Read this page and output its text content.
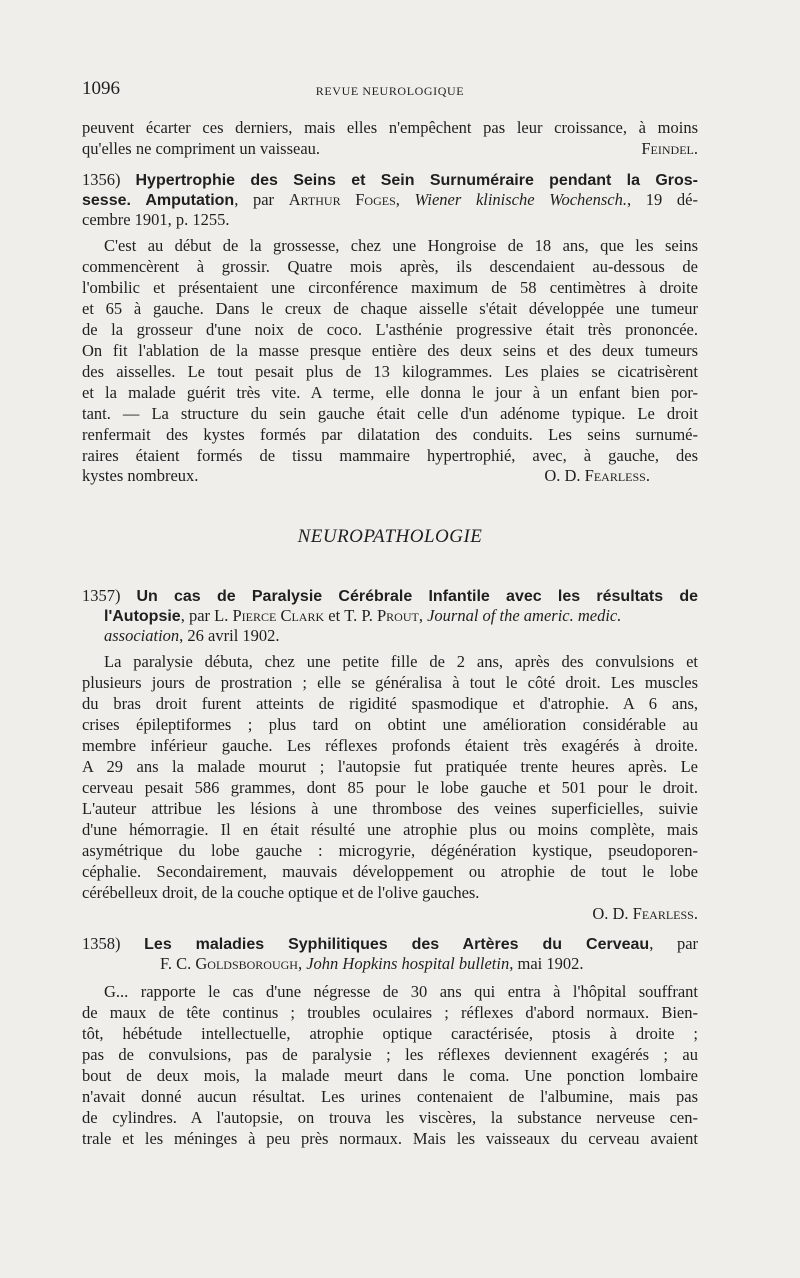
1096	REVUE NEUROLOGIQUE
peuvent écarter ces derniers, mais elles n'empêchent pas leur croissance, à moins
qu'elles ne compriment un vaisseau.	Feindel.
1356) Hypertrophie des Seins et Sein Surnuméraire pendant la Gros-
sesse. Amputation, par Arthur Foges, Wiener klinische Wochensch., 19 dé-
cembre 1901, p. 1255.
C'est au début de la grossesse, chez une Hongroise de 18 ans, que les seins
commencèrent à grossir. Quatre mois après, ils descendaient au-dessous de
l'ombilic et présentaient une circonférence maximum de 58 centimètres à droite
et 65 à gauche. Dans le creux de chaque aisselle s'était développée une tumeur
de la grosseur d'une noix de coco. L'asthénie progressive était très prononcée.
On fit l'ablation de la masse presque entière des deux seins et des deux tumeurs
des aisselles. Le tout pesait plus de 13 kilogrammes. Les plaies se cicatrisèrent
et la malade guérit très vite. A terme, elle donna le jour à un enfant bien por-
tant. — La structure du sein gauche était celle d'un adénome typique. Le droit
renfermait des kystes formés par dilatation des conduits. Les seins surnumé-
raires étaient formés de tissu mammaire hypertrophié, avec, à gauche, des
kystes nombreux.	O. D. Fearless.
NEUROPATHOLOGIE
1357) Un cas de Paralysie Cérébrale Infantile avec les résultats de
l'Autopsie, par L. Pierce Clark et T. P. Prout, Journal of the americ. medic.
association, 26 avril 1902.
La paralysie débuta, chez une petite fille de 2 ans, après des convulsions et
plusieurs jours de prostration ; elle se généralisa à tout le côté droit. Les muscles
du bras droit furent atteints de rigidité spasmodique et d'atrophie. A 6 ans,
crises épileptiformes ; plus tard on obtint une amélioration considérable au
membre inférieur gauche. Les réflexes profonds étaient très exagérés à droite.
A 29 ans la malade mourut ; l'autopsie fut pratiquée trente heures après. Le
cerveau pesait 586 grammes, dont 85 pour le lobe gauche et 501 pour le droit.
L'auteur attribue les lésions à une thrombose des veines superficielles, suivie
d'une hémorragie. Il en était résulté une atrophie plus ou moins complète, mais
asymétrique du lobe gauche : microgyrie, dégénération kystique, pseudoporen-
céphalie. Secondairement, mauvais développement ou atrophie de tout le lobe
cérébelleux droit, de la couche optique et de l'olive gauches.
O. D. Fearless.
1358) Les maladies Syphilitiques des Artères du Cerveau, par
F. C. Goldsborough, John Hopkins hospital bulletin, mai 1902.
G... rapporte le cas d'une négresse de 30 ans qui entra à l'hôpital souffrant
de maux de tête continus ; troubles oculaires ; réflexes d'abord normaux. Bien-
tôt, hébétude intellectuelle, atrophie optique caractérisée, ptosis à droite ;
pas de convulsions, pas de paralysie ; les réflexes deviennent exagérés ; au
bout de deux mois, la malade meurt dans le coma. Une ponction lombaire
n'avait donné aucun résultat. Les urines contenaient de l'albumine, mais pas
de cylindres. A l'autopsie, on trouva les viscères, la substance nerveuse cen-
trale et les méninges à peu près normaux. Mais les vaisseaux du cerveau avaient
